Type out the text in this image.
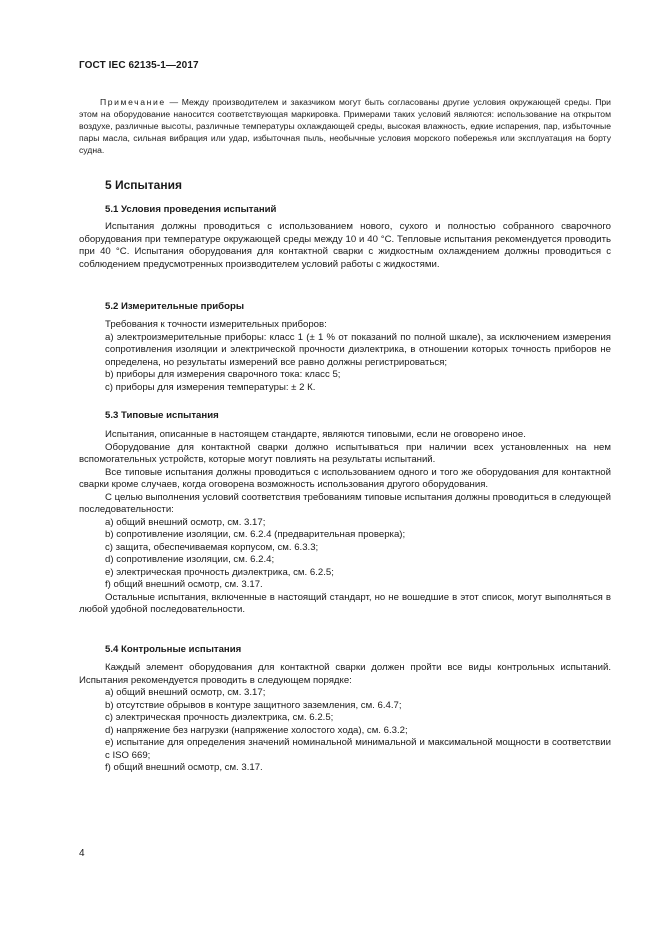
ГОСТ IEC 62135-1—2017

Примечание — Между производителем и заказчиком могут быть согласованы другие условия окружающей среды. При этом на оборудование наносится соответствующая маркировка. Примерами таких условий являются: использование на открытом воздухе, различные высоты, различные температуры охлаждающей среды, высокая влажность, едкие испарения, пар, избыточные пары масла, сильная вибрация или удар, избыточная пыль, необычные условия морского побережья или эксплуатация на борту судна.

5 Испытания
5.1 Условия проведения испытаний

Испытания должны проводиться с использованием нового, сухого и полностью собранного сварочного оборудования при температуре окружающей среды между 10 и 40 °С. Тепловые испытания рекомендуется проводить при 40 °С. Испытания оборудования для контактной сварки с жидкостным охлаждением должны проводиться с соблюдением предусмотренных производителем условий работы с жидкостями.

5.2 Измерительные приборы

Требования к точности измерительных приборов:

a) электроизмерительные приборы: класс 1 (± 1 % от показаний по полной шкале), за исключением измерения сопротивления изоляции и электрической прочности диэлектрика, в отношении которых точность приборов не определена, но результаты измерений все равно должны регистрироваться;

b) приборы для измерения сварочного тока: класс 5;

c) приборы для измерения температуры: ± 2 К.

5.3 Типовые испытания

Испытания, описанные в настоящем стандарте, являются типовыми, если не оговорено иное.

Оборудование для контактной сварки должно испытываться при наличии всех установленных на нем вспомогательных устройств, которые могут повлиять на результаты испытаний.

Все типовые испытания должны проводиться с использованием одного и того же оборудования для контактной сварки кроме случаев, когда оговорена возможность использования другого оборудования.

С целью выполнения условий соответствия требованиям типовые испытания должны проводиться в следующей последовательности:

a) общий внешний осмотр, см. 3.17;

b) сопротивление изоляции, см. 6.2.4 (предварительная проверка);

c) защита, обеспечиваемая корпусом, см. 6.3.3;

d) сопротивление изоляции, см. 6.2.4;

e) электрическая прочность диэлектрика, см. 6.2.5;

f) общий внешний осмотр, см. 3.17.

Остальные испытания, включенные в настоящий стандарт, но не вошедшие в этот список, могут выполняться в любой удобной последовательности.

5.4 Контрольные испытания

Каждый элемент оборудования для контактной сварки должен пройти все виды контрольных испытаний. Испытания рекомендуется проводить в следующем порядке:

a) общий внешний осмотр, см. 3.17;

b) отсутствие обрывов в контуре защитного заземления, см. 6.4.7;

c) электрическая прочность диэлектрика, см. 6.2.5;

d) напряжение без нагрузки (напряжение холостого хода), см. 6.3.2;

e) испытание для определения значений номинальной минимальной и максимальной мощности в соответствии с ISO 669;

f) общий внешний осмотр, см. 3.17.

4
